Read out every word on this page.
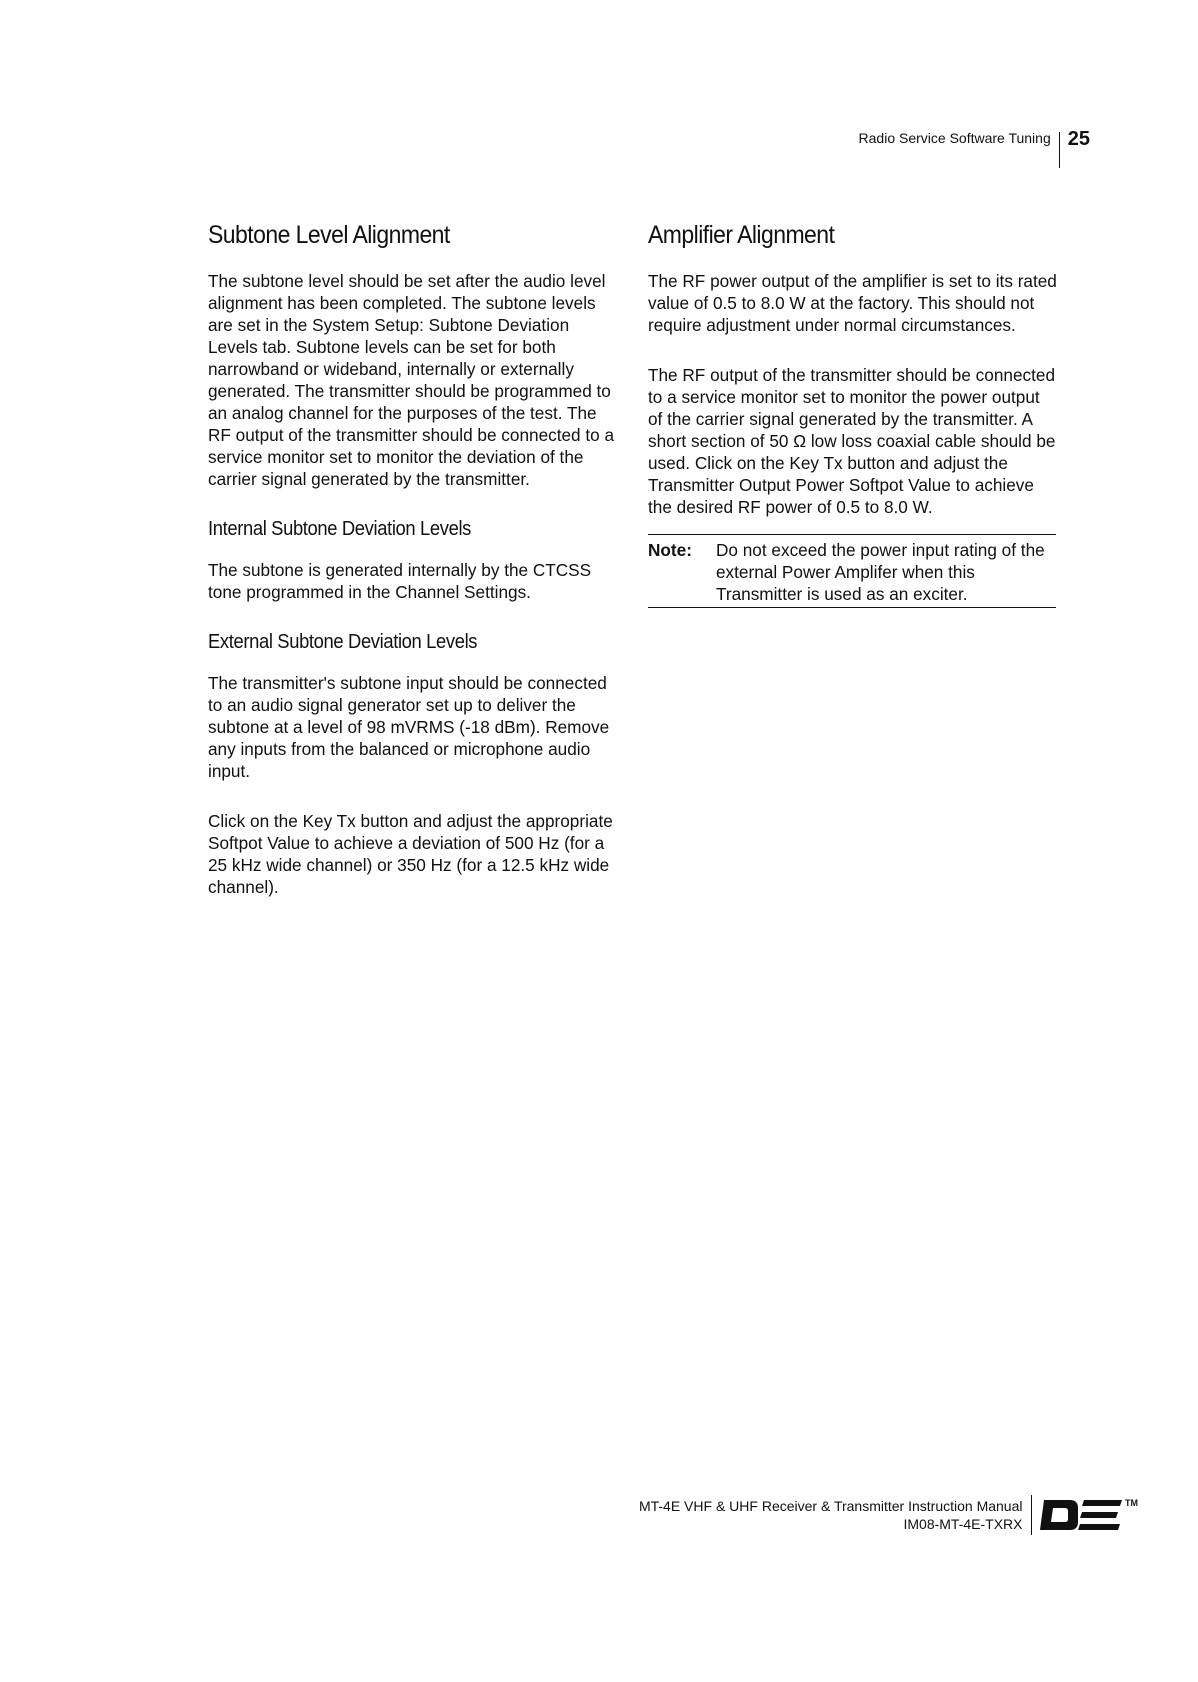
Radio Service Software Tuning 25
Subtone Level Alignment

The subtone level should be set after the audio level alignment has been completed. The subtone levels are set in the System Setup: Subtone Deviation Levels tab. Subtone levels can be set for both narrowband or wideband, internally or externally generated. The transmitter should be programmed to an analog channel for the purposes of the test. The RF output of the transmitter should be connected to a service monitor set to monitor the deviation of the carrier signal generated by the transmitter.

Internal Subtone Deviation Levels

The subtone is generated internally by the CTCSS tone programmed in the Channel Settings.

External Subtone Deviation Levels

The transmitter's subtone input should be connected to an audio signal generator set up to deliver the subtone at a level of 98 mVRMS (-18 dBm). Remove any inputs from the balanced or microphone audio input.

Click on the Key Tx button and adjust the appropriate Softpot Value to achieve a deviation of 500 Hz (for a 25 kHz wide channel) or 350 Hz (for a 12.5 kHz wide channel).

Amplifier Alignment

The RF power output of the amplifier is set to its rated value of 0.5 to 8.0 W at the factory. This should not require adjustment under normal circumstances.

The RF output of the transmitter should be connected to a service monitor set to monitor the power output of the carrier signal generated by the transmitter. A short section of 50 Ω low loss coaxial cable should be used. Click on the Key Tx button and adjust the Transmitter Output Power Softpot Value to achieve the desired RF power of 0.5 to 8.0 W.

Note:	Do not exceed the power input rating of the external Power Amplifer when this Transmitter is used as an exciter.
MT-4E VHF & UHF Receiver & Transmitter Instruction Manual
IM08-MT-4E-TXRX
TM
